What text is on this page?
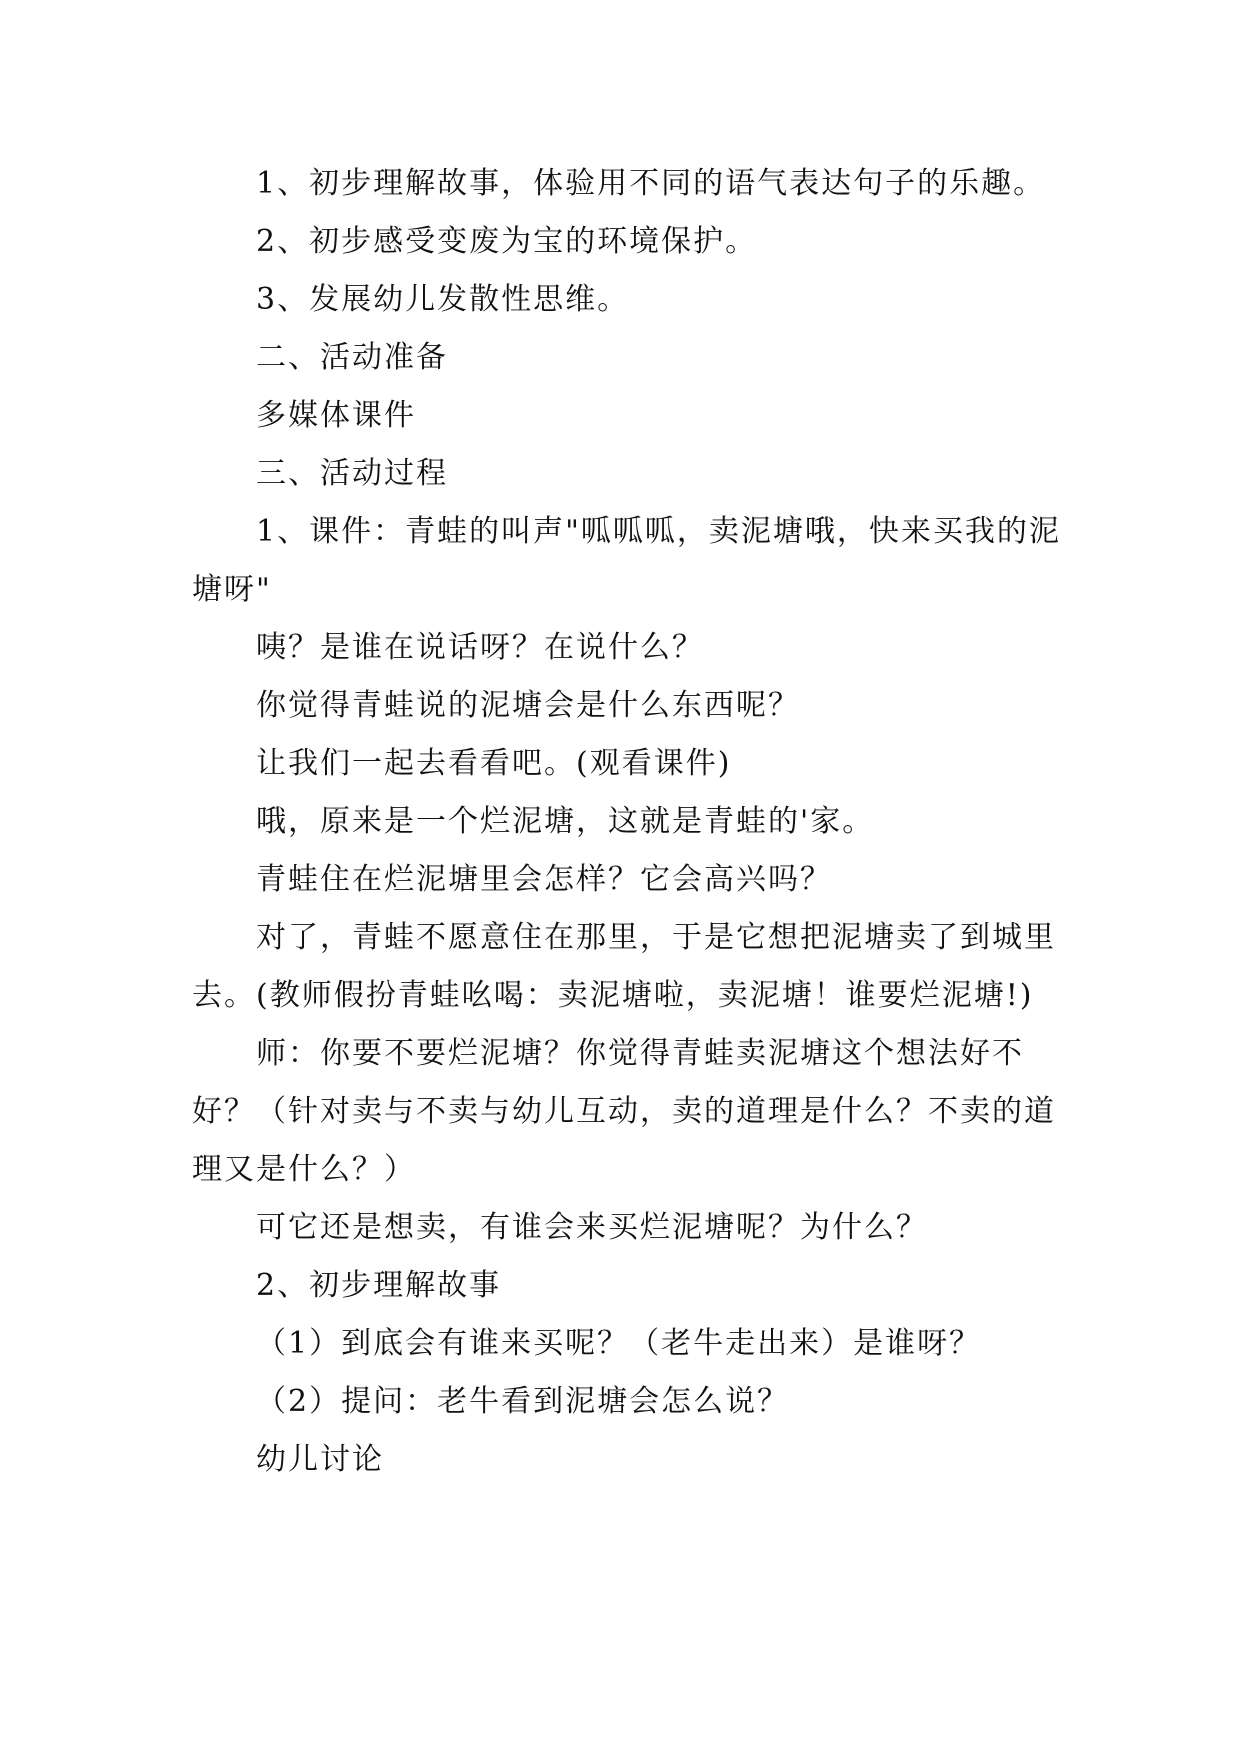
1、初步理解故事，体验用不同的语气表达句子的乐趣。

2、初步感受变废为宝的环境保护。

3、发展幼儿发散性思维。

二、活动准备

多媒体课件

三、活动过程

1、课件：青蛙的叫声"呱呱呱，卖泥塘哦，快来买我的泥塘呀"

咦？是谁在说话呀？在说什么？

你觉得青蛙说的泥塘会是什么东西呢？

让我们一起去看看吧。(观看课件)

哦，原来是一个烂泥塘，这就是青蛙的'家。

青蛙住在烂泥塘里会怎样？它会高兴吗？

对了，青蛙不愿意住在那里，于是它想把泥塘卖了到城里去。(教师假扮青蛙吆喝：卖泥塘啦，卖泥塘！谁要烂泥塘!)

师：你要不要烂泥塘？你觉得青蛙卖泥塘这个想法好不好？（针对卖与不卖与幼儿互动，卖的道理是什么？不卖的道理又是什么？）

可它还是想卖，有谁会来买烂泥塘呢？为什么？

2、初步理解故事

（1）到底会有谁来买呢？（老牛走出来）是谁呀？

（2）提问：老牛看到泥塘会怎么说？

幼儿讨论
